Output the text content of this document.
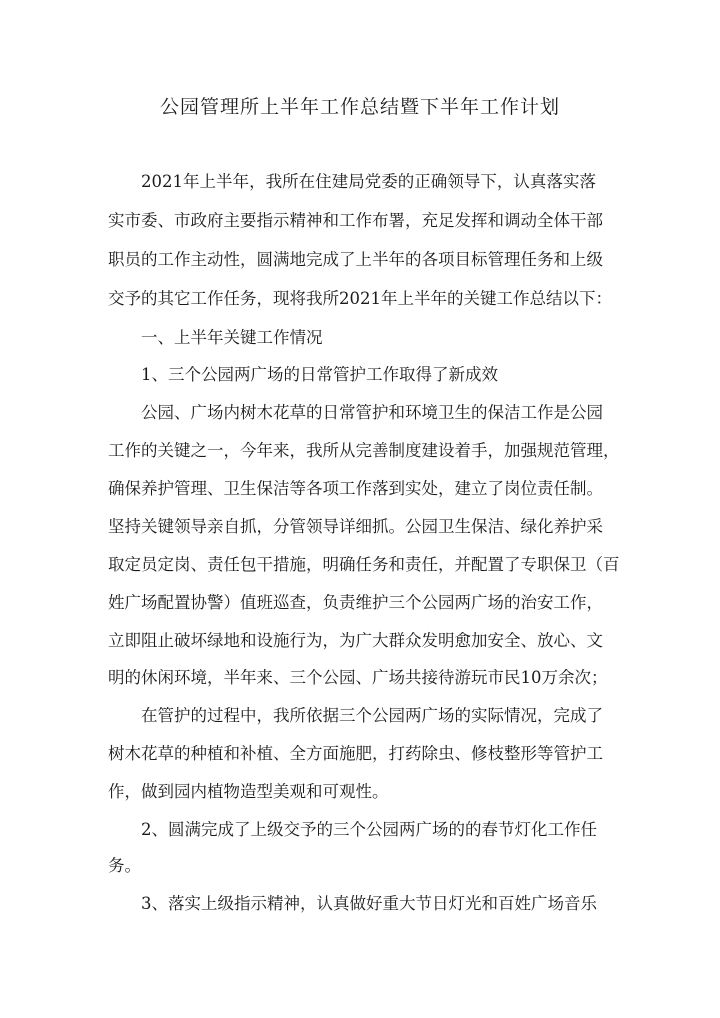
公园管理所上半年工作总结暨下半年工作计划
2021年上半年，我所在住建局党委的正确领导下，认真落实落
实市委、市政府主要指示精神和工作布署，充足发挥和调动全体干部
职员的工作主动性，圆满地完成了上半年的各项目标管理任务和上级
交予的其它工作任务，现将我所2021年上半年的关键工作总结以下：
一、上半年关键工作情况
1、三个公园两广场的日常管护工作取得了新成效
公园、广场内树木花草的日常管护和环境卫生的保洁工作是公园
工作的关键之一，今年来，我所从完善制度建设着手，加强规范管理，
确保养护管理、卫生保洁等各项工作落到实处，建立了岗位责任制。
坚持关键领导亲自抓，分管领导详细抓。公园卫生保洁、绿化养护采
取定员定岗、责任包干措施，明确任务和责任，并配置了专职保卫（百
姓广场配置协警）值班巡查，负责维护三个公园两广场的治安工作，
立即阻止破坏绿地和设施行为，为广大群众发明愈加安全、放心、文
明的休闲环境，半年来、三个公园、广场共接待游玩市民10万余次；
在管护的过程中，我所依据三个公园两广场的实际情况，完成了
树木花草的种植和补植、全方面施肥，打药除虫、修枝整形等管护工
作，做到园内植物造型美观和可观性。
2、圆满完成了上级交予的三个公园两广场的的春节灯化工作任
务。
3、落实上级指示精神，认真做好重大节日灯光和百姓广场音乐
